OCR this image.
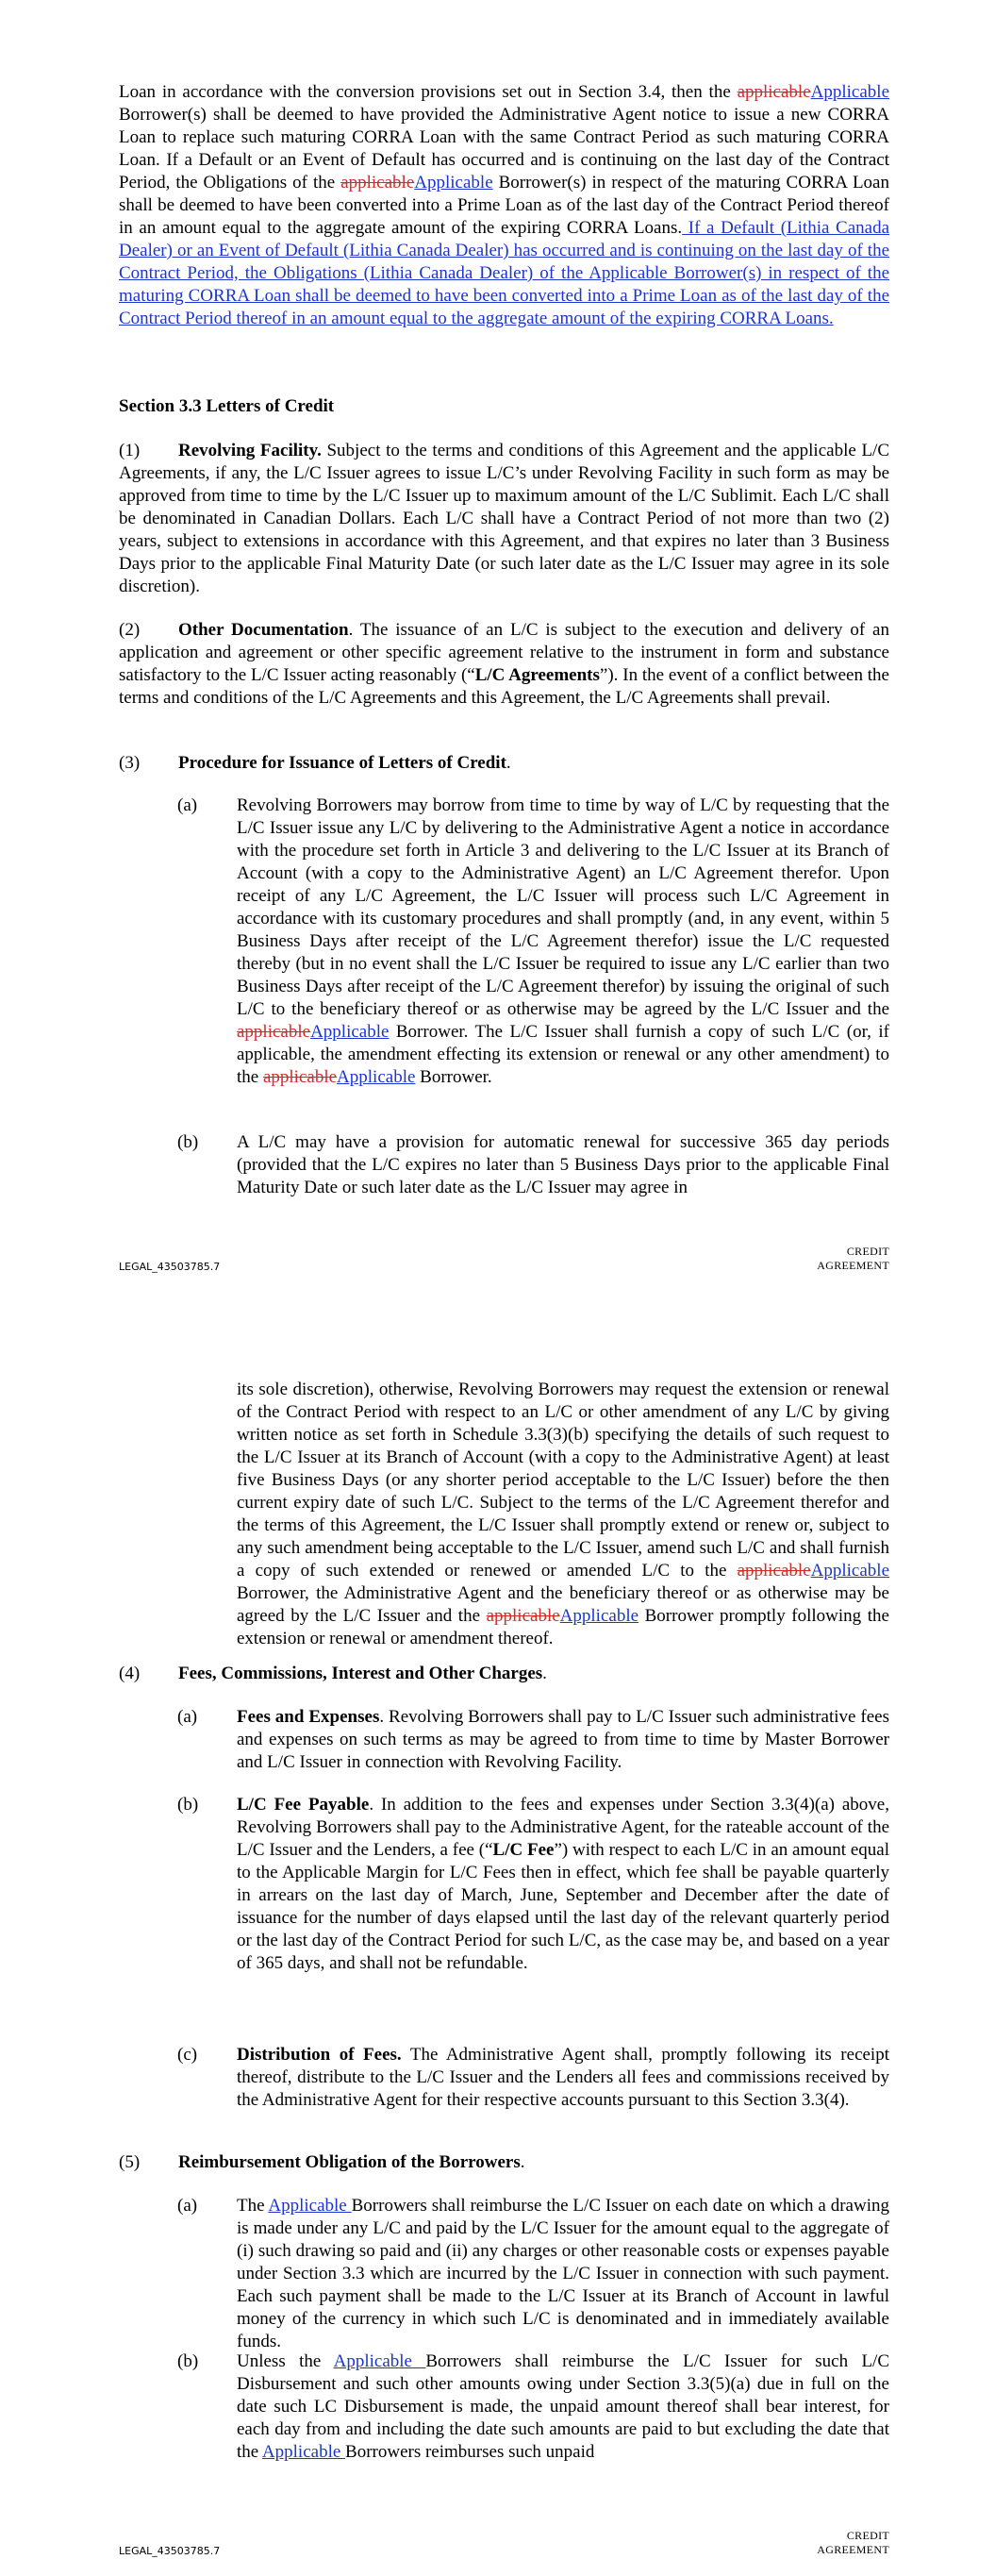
Loan in accordance with the conversion provisions set out in Section 3.4, then the applicableApplicable Borrower(s) shall be deemed to have provided the Administrative Agent notice to issue a new CORRA Loan to replace such maturing CORRA Loan with the same Contract Period as such maturing CORRA Loan. If a Default or an Event of Default has occurred and is continuing on the last day of the Contract Period, the Obligations of the applicableApplicable Borrower(s) in respect of the maturing CORRA Loan shall be deemed to have been converted into a Prime Loan as of the last day of the Contract Period thereof in an amount equal to the aggregate amount of the expiring CORRA Loans. If a Default (Lithia Canada Dealer) or an Event of Default (Lithia Canada Dealer) has occurred and is continuing on the last day of the Contract Period, the Obligations (Lithia Canada Dealer) of the Applicable Borrower(s) in respect of the maturing CORRA Loan shall be deemed to have been converted into a Prime Loan as of the last day of the Contract Period thereof in an amount equal to the aggregate amount of the expiring CORRA Loans.

Section 3.3 Letters of Credit

(1)	Revolving Facility. Subject to the terms and conditions of this Agreement and the applicable L/C Agreements, if any, the L/C Issuer agrees to issue L/C’s under Revolving Facility in such form as may be approved from time to time by the L/C Issuer up to maximum amount of the L/C Sublimit. Each L/C shall be denominated in Canadian Dollars. Each L/C shall have a Contract Period of not more than two (2) years, subject to extensions in accordance with this Agreement, and that expires no later than 3 Business Days prior to the applicable Final Maturity Date (or such later date as the L/C Issuer may agree in its sole discretion).

(2)	Other Documentation. The issuance of an L/C is subject to the execution and delivery of an application and agreement or other specific agreement relative to the instrument in form and substance satisfactory to the L/C Issuer acting reasonably (“L/C Agreements”). In the event of a conflict between the terms and conditions of the L/C Agreements and this Agreement, the L/C Agreements shall prevail.

(3) Procedure for Issuance of Letters of Credit.

(a) Revolving Borrowers may borrow from time to time by way of L/C by requesting that the L/C Issuer issue any L/C by delivering to the Administrative Agent a notice in accordance with the procedure set forth in Article 3 and delivering to the L/C Issuer at its Branch of Account (with a copy to the Administrative Agent) an L/C Agreement therefor. Upon receipt of any L/C Agreement, the L/C Issuer will process such L/C Agreement in accordance with its customary procedures and shall promptly (and, in any event, within 5 Business Days after receipt of the L/C Agreement therefor) issue the L/C requested thereby (but in no event shall the L/C Issuer be required to issue any L/C earlier than two Business Days after receipt of the L/C Agreement therefor) by issuing the original of such L/C to the beneficiary thereof or as otherwise may be agreed by the L/C Issuer and the applicableApplicable Borrower. The L/C Issuer shall furnish a copy of such L/C (or, if applicable, the amendment effecting its extension or renewal or any other amendment) to the applicableApplicable Borrower.

(b) A L/C may have a provision for automatic renewal for successive 365 day periods (provided that the L/C expires no later than 5 Business Days prior to the applicable Final Maturity Date or such later date as the L/C Issuer may agree in

CREDIT AGREEMENT
LEGAL_43503785.7

its sole discretion), otherwise, Revolving Borrowers may request the extension or renewal of the Contract Period with respect to an L/C or other amendment of any L/C by giving written notice as set forth in Schedule 3.3(3)(b) specifying the details of such request to the L/C Issuer at its Branch of Account (with a copy to the Administrative Agent) at least five Business Days (or any shorter period acceptable to the L/C Issuer) before the then current expiry date of such L/C. Subject to the terms of the L/C Agreement therefor and the terms of this Agreement, the L/C Issuer shall promptly extend or renew or, subject to any such amendment being acceptable to the L/C Issuer, amend such L/C and shall furnish a copy of such extended or renewed or amended L/C to the applicableApplicable Borrower, the Administrative Agent and the beneficiary thereof or as otherwise may be agreed by the L/C Issuer and the applicableApplicable Borrower promptly following the extension or renewal or amendment thereof.

(4) Fees, Commissions, Interest and Other Charges.

(a) Fees and Expenses. Revolving Borrowers shall pay to L/C Issuer such administrative fees and expenses on such terms as may be agreed to from time to time by Master Borrower and L/C Issuer in connection with Revolving Facility.

(b) L/C Fee Payable. In addition to the fees and expenses under Section 3.3(4)(a) above, Revolving Borrowers shall pay to the Administrative Agent, for the rateable account of the L/C Issuer and the Lenders, a fee (“L/C Fee”) with respect to each L/C in an amount equal to the Applicable Margin for L/C Fees then in effect, which fee shall be payable quarterly in arrears on the last day of March, June, September and December after the date of issuance for the number of days elapsed until the last day of the relevant quarterly period or the last day of the Contract Period for such L/C, as the case may be, and based on a year of 365 days, and shall not be refundable.

(c) Distribution of Fees. The Administrative Agent shall, promptly following its receipt thereof, distribute to the L/C Issuer and the Lenders all fees and commissions received by the Administrative Agent for their respective accounts pursuant to this Section 3.3(4).

(5) Reimbursement Obligation of the Borrowers.

(a) The Applicable Borrowers shall reimburse the L/C Issuer on each date on which a drawing is made under any L/C and paid by the L/C Issuer for the amount equal to the aggregate of (i) such drawing so paid and (ii) any charges or other reasonable costs or expenses payable under Section 3.3 which are incurred by the L/C Issuer in connection with such payment. Each such payment shall be made to the L/C Issuer at its Branch of Account in lawful money of the currency in which such L/C is denominated and in immediately available funds.

(b) Unless the Applicable Borrowers shall reimburse the L/C Issuer for such L/C Disbursement and such other amounts owing under Section 3.3(5)(a) due in full on the date such LC Disbursement is made, the unpaid amount thereof shall bear interest, for each day from and including the date such amounts are paid to but excluding the date that the Applicable Borrowers reimburses such unpaid

CREDIT AGREEMENT
LEGAL_43503785.7
